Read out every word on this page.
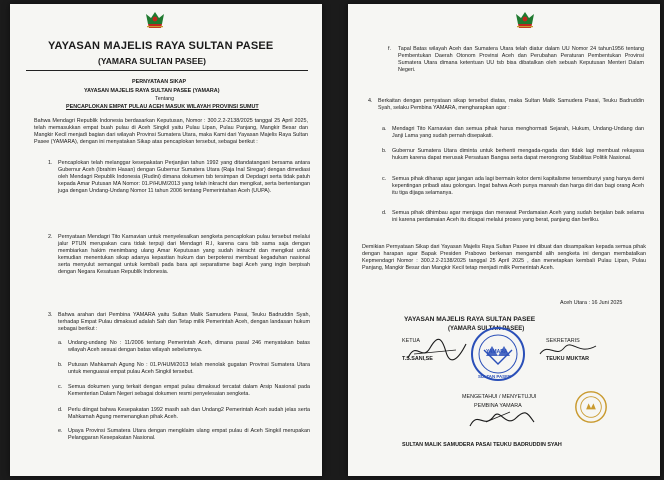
YAYASAN MAJELIS RAYA SULTAN PASEE
(YAMARA SULTAN PASEE)
PERNYATAAN SIKAP
YAYASAN MAJELIS RAYA SULTAN PASEE (YAMARA)
Tentang
PENCAPLOKAN EMPAT PULAU ACEH MASUK WILAYAH PROVINSI SUMUT
Bahwa Mendagri Republik Indonesia berdasarkan Keputusan, Nomor : 300.2.2-2138/2025 tanggal 25 April 2025, telah memasukkan empat buah pulau di Aceh Singkil yaitu Pulau Lipan, Pulau Panjang, Mangkir Besar dan Mangkir Kecil menjadi bagian dari wilayah Provinsi Sumatera Utara, maka Kami dari Yayasan Majelis Raya Sultan Pasee (YAMARA), dengan ini menyatakan Sikap atas pencaplokan tersebut, sebagai berikut :
1. Pencaplokan telah melanggar kesepakatan Perjanjian tahun 1992 yang ditandatangani bersama antara Gubernur Aceh (Ibrahim Hasan) dengan Gubernur Sumatera Utara (Raja Inal Siregar) dengan dimediasi oleh Mendagri Republik Indonesia (Rudini) dimana dokumen tsb tersimpan di Depdagri serta tidak patuh kepada Amar Putusan MA Nomor: 01.P/HUM/2013 yang telah inkracht dan mengikat, serta bertentangan juga dengan Undang-Undang Nomor 11 tahun 2006 tentang Pemerintahan Aceh (UUPA).
2. Pernyataan Mendagri Tito Karnavian untuk menyelesaikan sengketa pencaplokan pulau tersebut melalui jalur PTUN merupakan cara tidak terpuji dari Mendagri R.I, karena cara tsb sama saja dengan membiarkan hakim menimbang ulang Amar Keputusan yang sudah inkracht dan mengikat untuk kemudian menentukan sikap adanya kepastian hukum dan berpotensi membuat kegaduhan nasional serta menyulut semangat untuk kembali pada bara api separatisme bagi Aceh yang ingin berpisah dengan Negara Kesatuan Republik Indonesia.
3. Bahwa arahan dari Pembina YAMARA yaitu Sultan Malik Samudera Pasai, Teuku Badruddin Syah, terhadap Empat Pulau dimaksud adalah Sah dan Tetap milik Pemerintah Aceh, dengan landasan hukum sebagai berikut :
a. Undang-undang No : 11/2006 tentang Pemerintah Aceh, dimana pasal 246 menyatakan batas wilayah Aceh sesuai dengan batas wilayah sebelumnya.
b. Putusan Mahkamah Agung No : 01.P/HUM/2013 telah menolak gugatan Provinsi Sumatera Utara untuk menguasai empat pulau Aceh Singkil tersebut.
c. Semua dokumen yang terkait dengan empat pulau dimaksud tercatat dalam Arsip Nasional pada Kementerian Dalam Negeri sebagai dokumen resmi penyelesaian sengketa.
d. Perlu diingat bahwa Kesepakatan 1992 masih sah dan Undang2 Pemerintah Aceh sudah jelas serta Mahkamah Agung memenangkan pihak Aceh.
e. Upaya Provinsi Sumatera Utara dengan mengklaim ulang empat pulau di Aceh Singkil merupakan Pelanggaran Kesepakatan Nasional.
f. Tapal Batas wilayah Aceh dan Sumatera Utara telah diatur dalam UU Nomor 24 tahun1956 tentang Pembentukan Daerah Otonom Provinsi Aceh dan Perubahan Peraturan Pembentukan Provinsi Sumatera Utara dimana ketentuan UU tsb bisa dibatalkan oleh sebuah Keputusan Menteri Dalam Negeri.
4. Berkaitan dengan pernyataan sikap tersebut diatas, maka Sultan Malik Samudera Pasai, Teuku Badruddin Syah, selaku Pembina YAMARA, mengharapkan agar :
a. Mendagri Tito Karnavian dan semua pihak harus menghormati Sejarah, Hukum, Undang-Undang dan Janji Lama yang sudah pernah disepakati.
b. Gubernur Sumatera Utara diminta untuk berhenti mengada-ngada dan tidak lagi membuat rekayasa hukum karena dapat merusak Persatuan Bangsa serta dapat merongrong Stabilitas Politik Nasional.
c. Semua pihak diharap agar jangan ada lagi bermain kotor demi kapitalisme tersembunyi yang hanya demi kepentingan pribadi atau golongan. Ingat bahwa Aceh punya marwah dan harga diri dan bagi orang Aceh itu tiga dijaga selamanya.
d. Semua pihak dihimbau agar menjaga dan merawat Perdamaian Aceh yang sudah berjalan baik selama ini karena perdamaian Aceh itu dicapai melalui proses yang berat, panjang dan berliku.
Demikian Pernyataan Sikap dari Yayasan Majelis Raya Sultan Pasee ini dibuat dan disampaikan kepada semua pihak dengan harapan agar Bapak Presiden Prabowo berkenan mengambil alih sengketa ini dengan membatalkan Kepmendagri Nomor : 300.2.2-2138/2025 tanggal 25 April 2025 , dan menetapkan kembali Pulau Lipan, Pulau Panjang, Mangkir Besar dan Mangkir Kecil tetap menjadi milik Pemerintah Aceh.
Aceh Utara : 16 Juni 2025
YAYASAN MAJELIS RAYA SULTAN PASEE
(YAMARA SULTAN PASEE)
KETUA	SEKRETARIS
YAMARA
SULTAN PASEE
T.S.SANI,SE	TEUKU MUKTAR
MENGETAHUI / MENYETUJUI
PEMBINA YAMARA
SULTAN MALIK SAMUDERA PASAI TEUKU BADRUDDIN SYAH
